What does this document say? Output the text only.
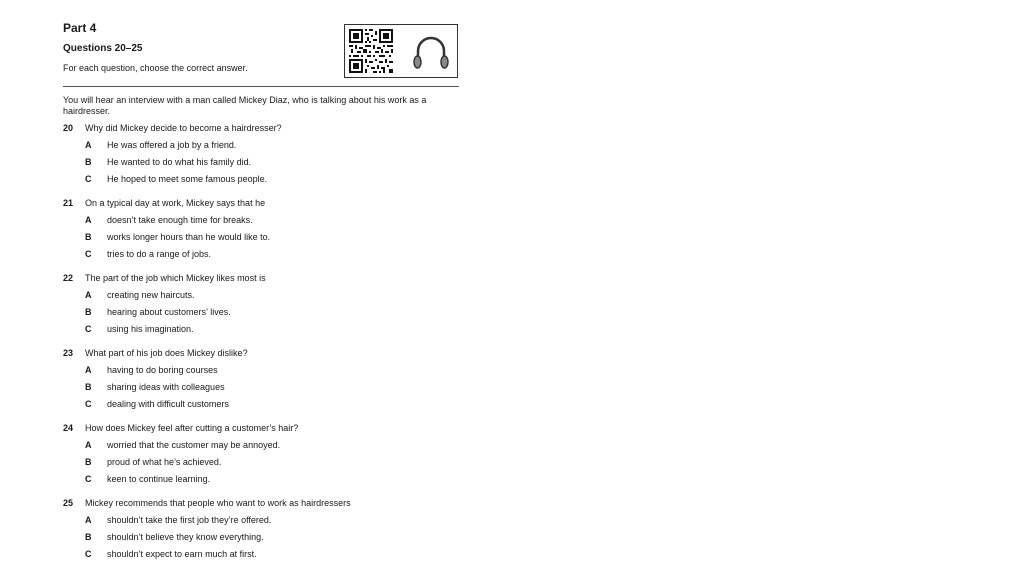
Part 4
Questions 20–25

For each question, choose the correct answer.

You will hear an interview with a man called Mickey Diaz, who is talking about his work as a hairdresser.

20 Why did Mickey decide to become a hairdresser?
A He was offered a job by a friend.
B He wanted to do what his family did.
C He hoped to meet some famous people.
21 On a typical day at work, Mickey says that he
A doesn’t take enough time for breaks.
B works longer hours than he would like to.
C tries to do a range of jobs.
22 The part of the job which Mickey likes most is
A creating new haircuts.
B hearing about customers’ lives.
C using his imagination.
23 What part of his job does Mickey dislike?
A having to do boring courses
B sharing ideas with colleagues
C dealing with difficult customers
24 How does Mickey feel after cutting a customer’s hair?
A worried that the customer may be annoyed.
B proud of what he’s achieved.
C keen to continue learning.
25 Mickey recommends that people who want to work as hairdressers
A shouldn’t take the first job they’re offered.
B shouldn’t believe they know everything.
C shouldn’t expect to earn much at first.
